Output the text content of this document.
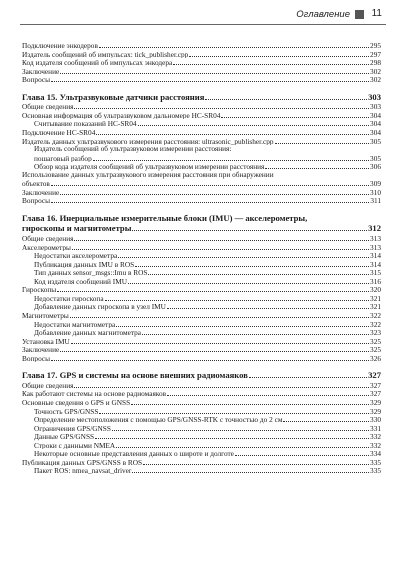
Оглавление 11
Подключение энкодеров	295
Издатель сообщений об импульсах: tick_publisher.cpp	297
Код издателя сообщений об импульсах энкодера	298
Заключение	302
Вопросы	302
Глава 15. Ультразвуковые датчики расстояния	303
Общие сведения	303
Основная информация об ультразвуковом дальномере HC-SR04	304
Считывание показаний HC-SR04	304
Подключение HC-SR04	304
Издатель данных ультразвукового измерения расстояния: ultrasonic_publisher.cpp	305
Издатель сообщений об ультразвуковом измерении расстояния:
пошаговый разбор	305
Обзор кода издателя сообщений об ультразвуковом измерении расстояния	306
Использование данных ультразвукового измерения расстояния при обнаружении
объектов	309
Заключение	310
Вопросы	311
Глава 16. Инерциальные измерительные блоки (IMU) — акселерометры,
гироскопы и магнитометры	312
Общие сведения	313
Акселерометры	313
Недостатки акселерометра	314
Публикация данных IMU в ROS	314
Тип данных sensor_msgs::Imu в ROS	315
Код издателя сообщений IMU	316
Гироскопы	320
Недостатки гироскопа	321
Добавление данных гироскопа в узел IMU	321
Магнитометры	322
Недостатки магнитометра	322
Добавление данных магнитометра	323
Установка IMU	325
Заключение	325
Вопросы	326
Глава 17. GPS и системы на основе внешних радиомаяков	327
Общие сведения	327
Как работают системы на основе радиомаяков	327
Основные сведения о GPS и GNSS	329
Точность GPS/GNSS	329
Определение местоположения с помощью GPS/GNSS-RTK с точностью до 2 см	330
Ограничения GPS/GNSS	331
Данные GPS/GNSS	332
Строки с данными NMEA	332
Некоторые основные представления данных о широте и долготе	334
Публикация данных GPS/GNSS в ROS	335
Пакет ROS: nmea_navsat_driver	335
